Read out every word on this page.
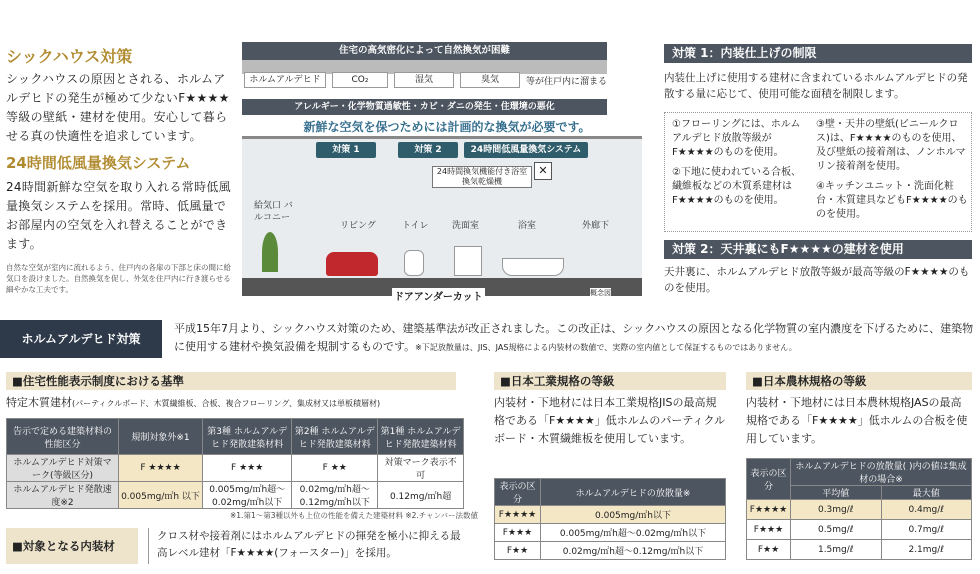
シックハウス対策
シックハウスの原因とされる、ホルムアルデヒドの発生が極めて少ないF★★★★等級の壁紙・建材を使用。安心して暮らせる真の快適性を追求しています。
24時間低風量換気システム
24時間新鮮な空気を取り入れる常時低風量換気システムを採用。常時、低風量でお部屋内の空気を入れ替えることができます。
自然な空気が室内に流れるよう、住戸内の各扉の下部と床の間に給気口を設けました。自然換気を促し、外気を住戸内に行き渡らせる細やかな工夫です。
住宅の高気密化によって自然換気が困難
ホルムアルデヒド	CO₂	湿気	臭気	等が住戸内に溜まる
アレルギー・化学物質過敏性・カビ・ダニの発生・住環境の悪化
新鮮な空気を保つためには計画的な換気が必要です。
対策 1	対策 2	24時間低風量換気システム
24時間換気機能付き浴室換気乾燥機
✕
給気口 バルコニー
リビング	トイレ	洗面室	浴室	外廊下
ドアアンダーカット	概念図
対策 1：内装仕上げの制限
内装仕上げに使用する建材に含まれているホルムアルデヒドの発散する量に応じて、使用可能な面積を制限します。
①フローリングには、ホルムアルデヒド放散等級がF★★★★のものを使用。
③壁・天井の壁紙(ビニールクロス)は、F★★★★のものを使用、及び壁紙の接着剤は、ノンホルマリン接着剤を使用。
②下地に使われている合板、繊維板などの木質系建材はF★★★★のものを使用。
④キッチンユニット・洗面化粧台・木質建具などもF★★★★のものを使用。
対策 2：天井裏にもF★★★★の建材を使用
天井裏に、ホルムアルデヒド放散等級が最高等級のF★★★★のものを使用。
ホルムアルデヒド対策
平成15年7月より、シックハウス対策のため、建築基準法が改正されました。この改正は、シックハウスの原因となる化学物質の室内濃度を下げるために、建築物に使用する建材や換気設備を規制するものです。※下記放散量は、JIS、JAS規格による内装材の数値で、実際の室内値として保証するものではありません。
■住宅性能表示制度における基準
特定木質建材(パーティクルボード、木質繊維板、合板、複合フローリング、集成材又は単板積層材)
告示で定める建築材料の性能区分	規制対象外※1	第3種 ホルムアルデヒド発散建築材料	第2種 ホルムアルデヒド発散建築材料	第1種 ホルムアルデヒド発散建築材料
ホルムアルデヒド対策マーク(等級区分)	F ★★★★	F ★★★	F ★★	対策マーク表示不可
ホルムアルデヒド発散速度※2	0.005mg/㎡h 以下	0.005mg/㎡h超〜0.02mg/㎡h以下	0.02mg/㎡h超〜0.12mg/㎡h以下	0.12mg/㎡h超
※1.第1〜第3種以外も上位の性能を備えた建築材料 ※2.チャンバー法数値
■対象となる内装材
クロス材や接着剤にはホルムアルデヒドの揮発を極小に抑える最高レベル建材「F★★★★(フォースター)」を採用。
■日本工業規格の等級
内装材・下地材には日本工業規格JISの最高規格である「F★★★★」低ホルムのパーティクルボード・木質繊維板を使用しています。
表示の区分	ホルムアルデヒドの放散量※
F★★★★	0.005mg/㎡h以下
F★★★	0.005mg/㎡h超〜0.02mg/㎡h以下
F★★	0.02mg/㎡h超〜0.12mg/㎡h以下
■日本農林規格の等級
内装材・下地材には日本農林規格JASの最高規格である「F★★★★」低ホルムの合板を使用しています。
表示の区分	ホルムアルデヒドの放散量( )内の値は集成材の場合※	
	平均値	最大値
F★★★★	0.3mg/ℓ	0.4mg/ℓ
F★★★	0.5mg/ℓ	0.7mg/ℓ
F★★	1.5mg/ℓ	2.1mg/ℓ
